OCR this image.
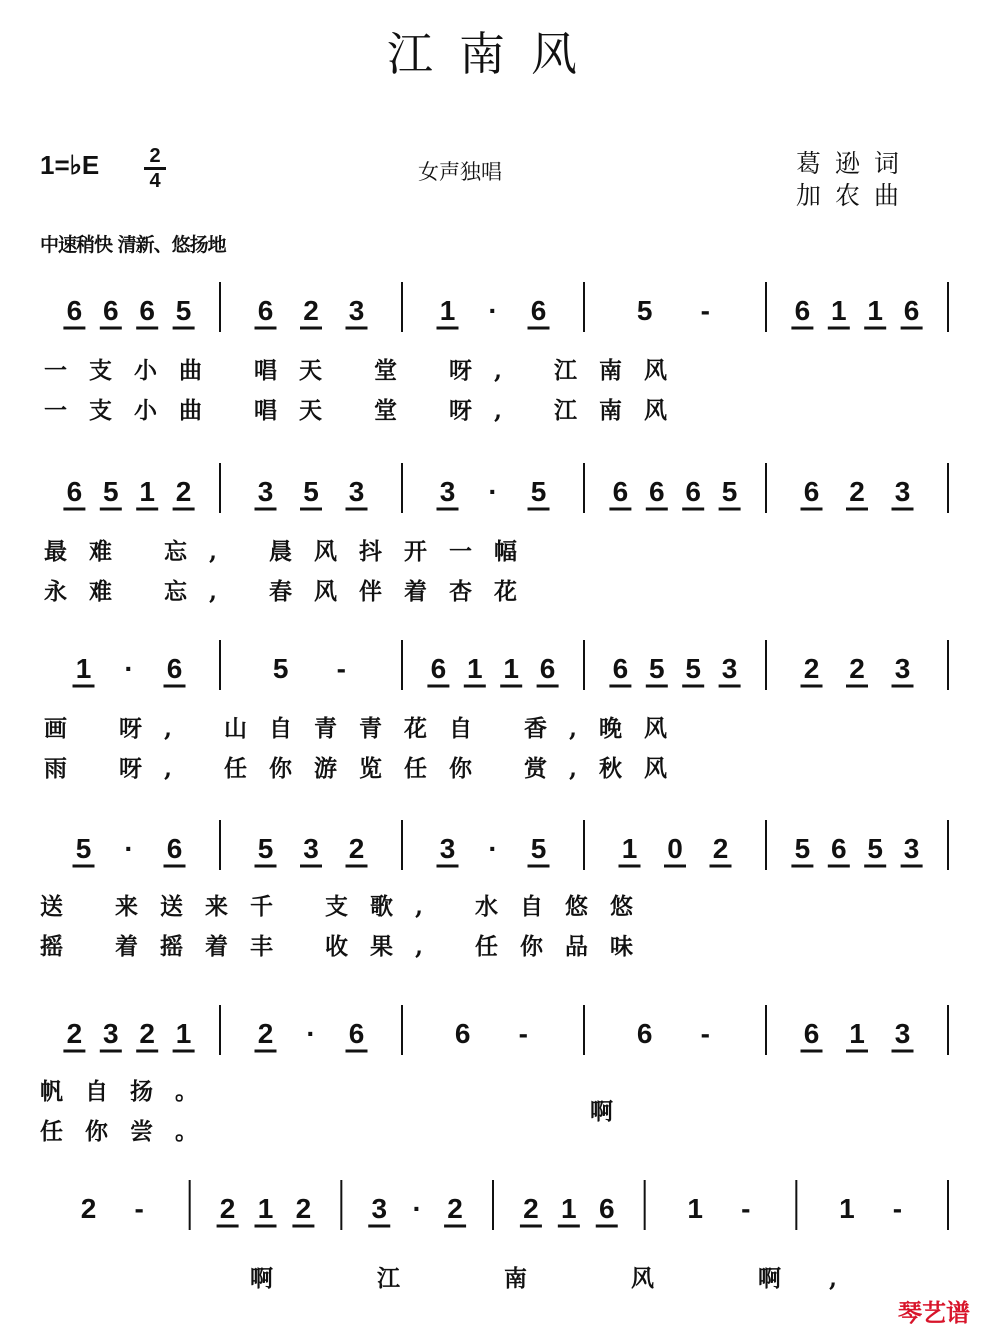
江南风
1=♭E	2
4	女声独唱	葛逊词
加农曲
中速稍快 清新、悠扬地
6 6 6 5 6 2 3	1 · 6	5 -	6 1 1 6
一支小曲 唱天 堂 呀, 江南风
一支小曲 唱天 堂 呀, 江南风
6 5 1 2 3 5 3	3 · 5 6 6 6 5 6 2 3
最难 忘, 晨风抖开一幅
永难 忘, 春风伴着杏花
1 · 6	5 -	6 1 1 6 6 5 5 3 2 2 3
画 呀, 山自青青花自 香,晚风
雨 呀, 任你游览任你 赏,秋风
5 · 6	5 3 2	3 · 5	1 0 2 5 6 5 3
送 来送来千 支歌, 水自悠悠
摇 着摇着丰 收果, 任你品味
2 3 2 1 2 · 6	6 -	6 -	6 1 3
帆自扬。
任你尝。
啊
2 -	2 1 2 3 · 2 2 1 6	1 -	1 -
啊 江 南 风 啊,
琴艺谱
